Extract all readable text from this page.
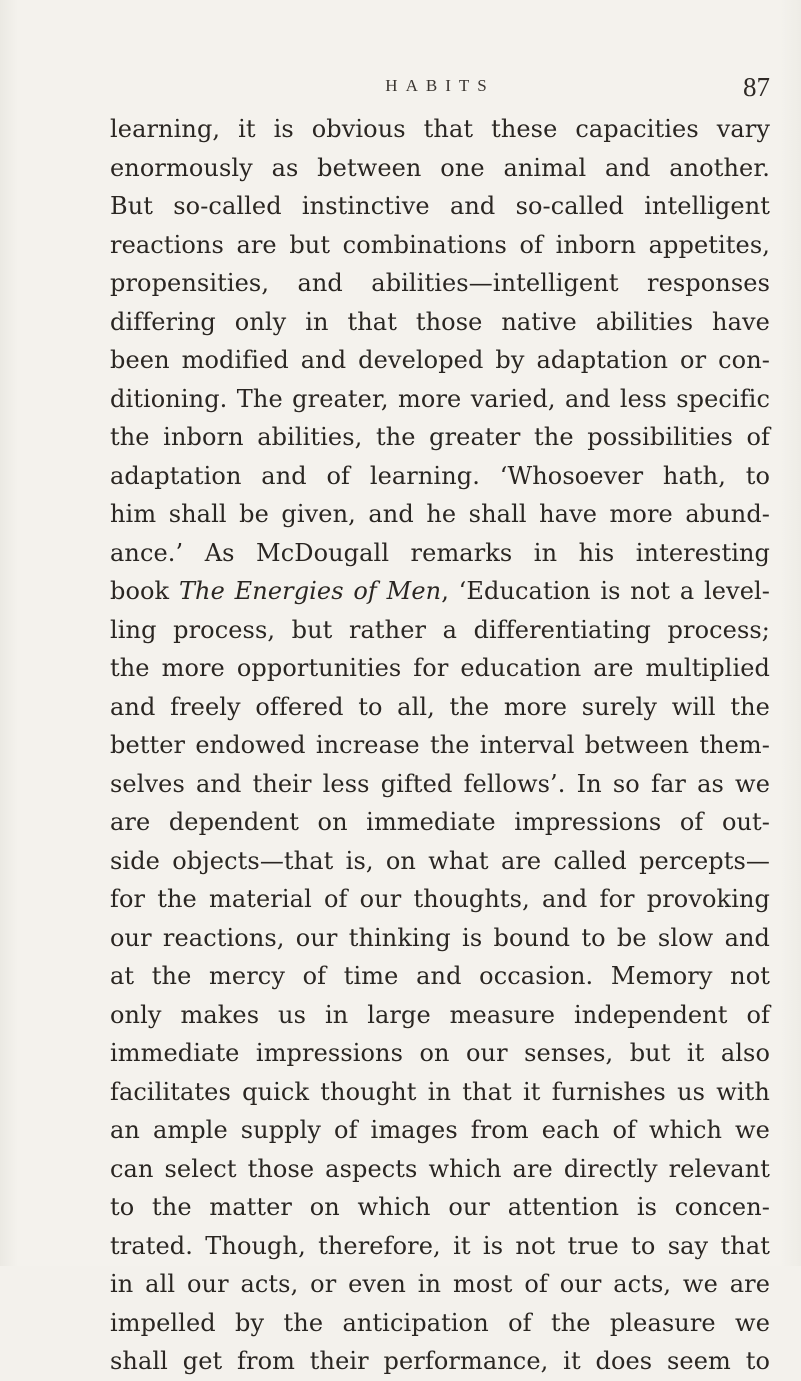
HABITS	87
learning, it is obvious that these capacities vary
enormously as between one animal and another.
But so-called instinctive and so-called intelligent
reactions are but combinations of inborn appetites,
propensities, and abilities—intelligent responses
differing only in that those native abilities have
been modified and developed by adaptation or con-
ditioning. The greater, more varied, and less specific
the inborn abilities, the greater the possibilities of
adaptation and of learning. ‘Whosoever hath, to
him shall be given, and he shall have more abund-
ance.’ As McDougall remarks in his interesting
book The Energies of Men, ‘Education is not a level-
ling process, but rather a differentiating process;
the more opportunities for education are multiplied
and freely offered to all, the more surely will the
better endowed increase the interval between them-
selves and their less gifted fellows’. In so far as we
are dependent on immediate impressions of out-
side objects—that is, on what are called percepts—
for the material of our thoughts, and for provoking
our reactions, our thinking is bound to be slow and
at the mercy of time and occasion. Memory not
only makes us in large measure independent of
immediate impressions on our senses, but it also
facilitates quick thought in that it furnishes us with
an ample supply of images from each of which we
can select those aspects which are directly relevant
to the matter on which our attention is concen-
trated. Though, therefore, it is not true to say that
in all our acts, or even in most of our acts, we are
impelled by the anticipation of the pleasure we
shall get from their performance, it does seem to
